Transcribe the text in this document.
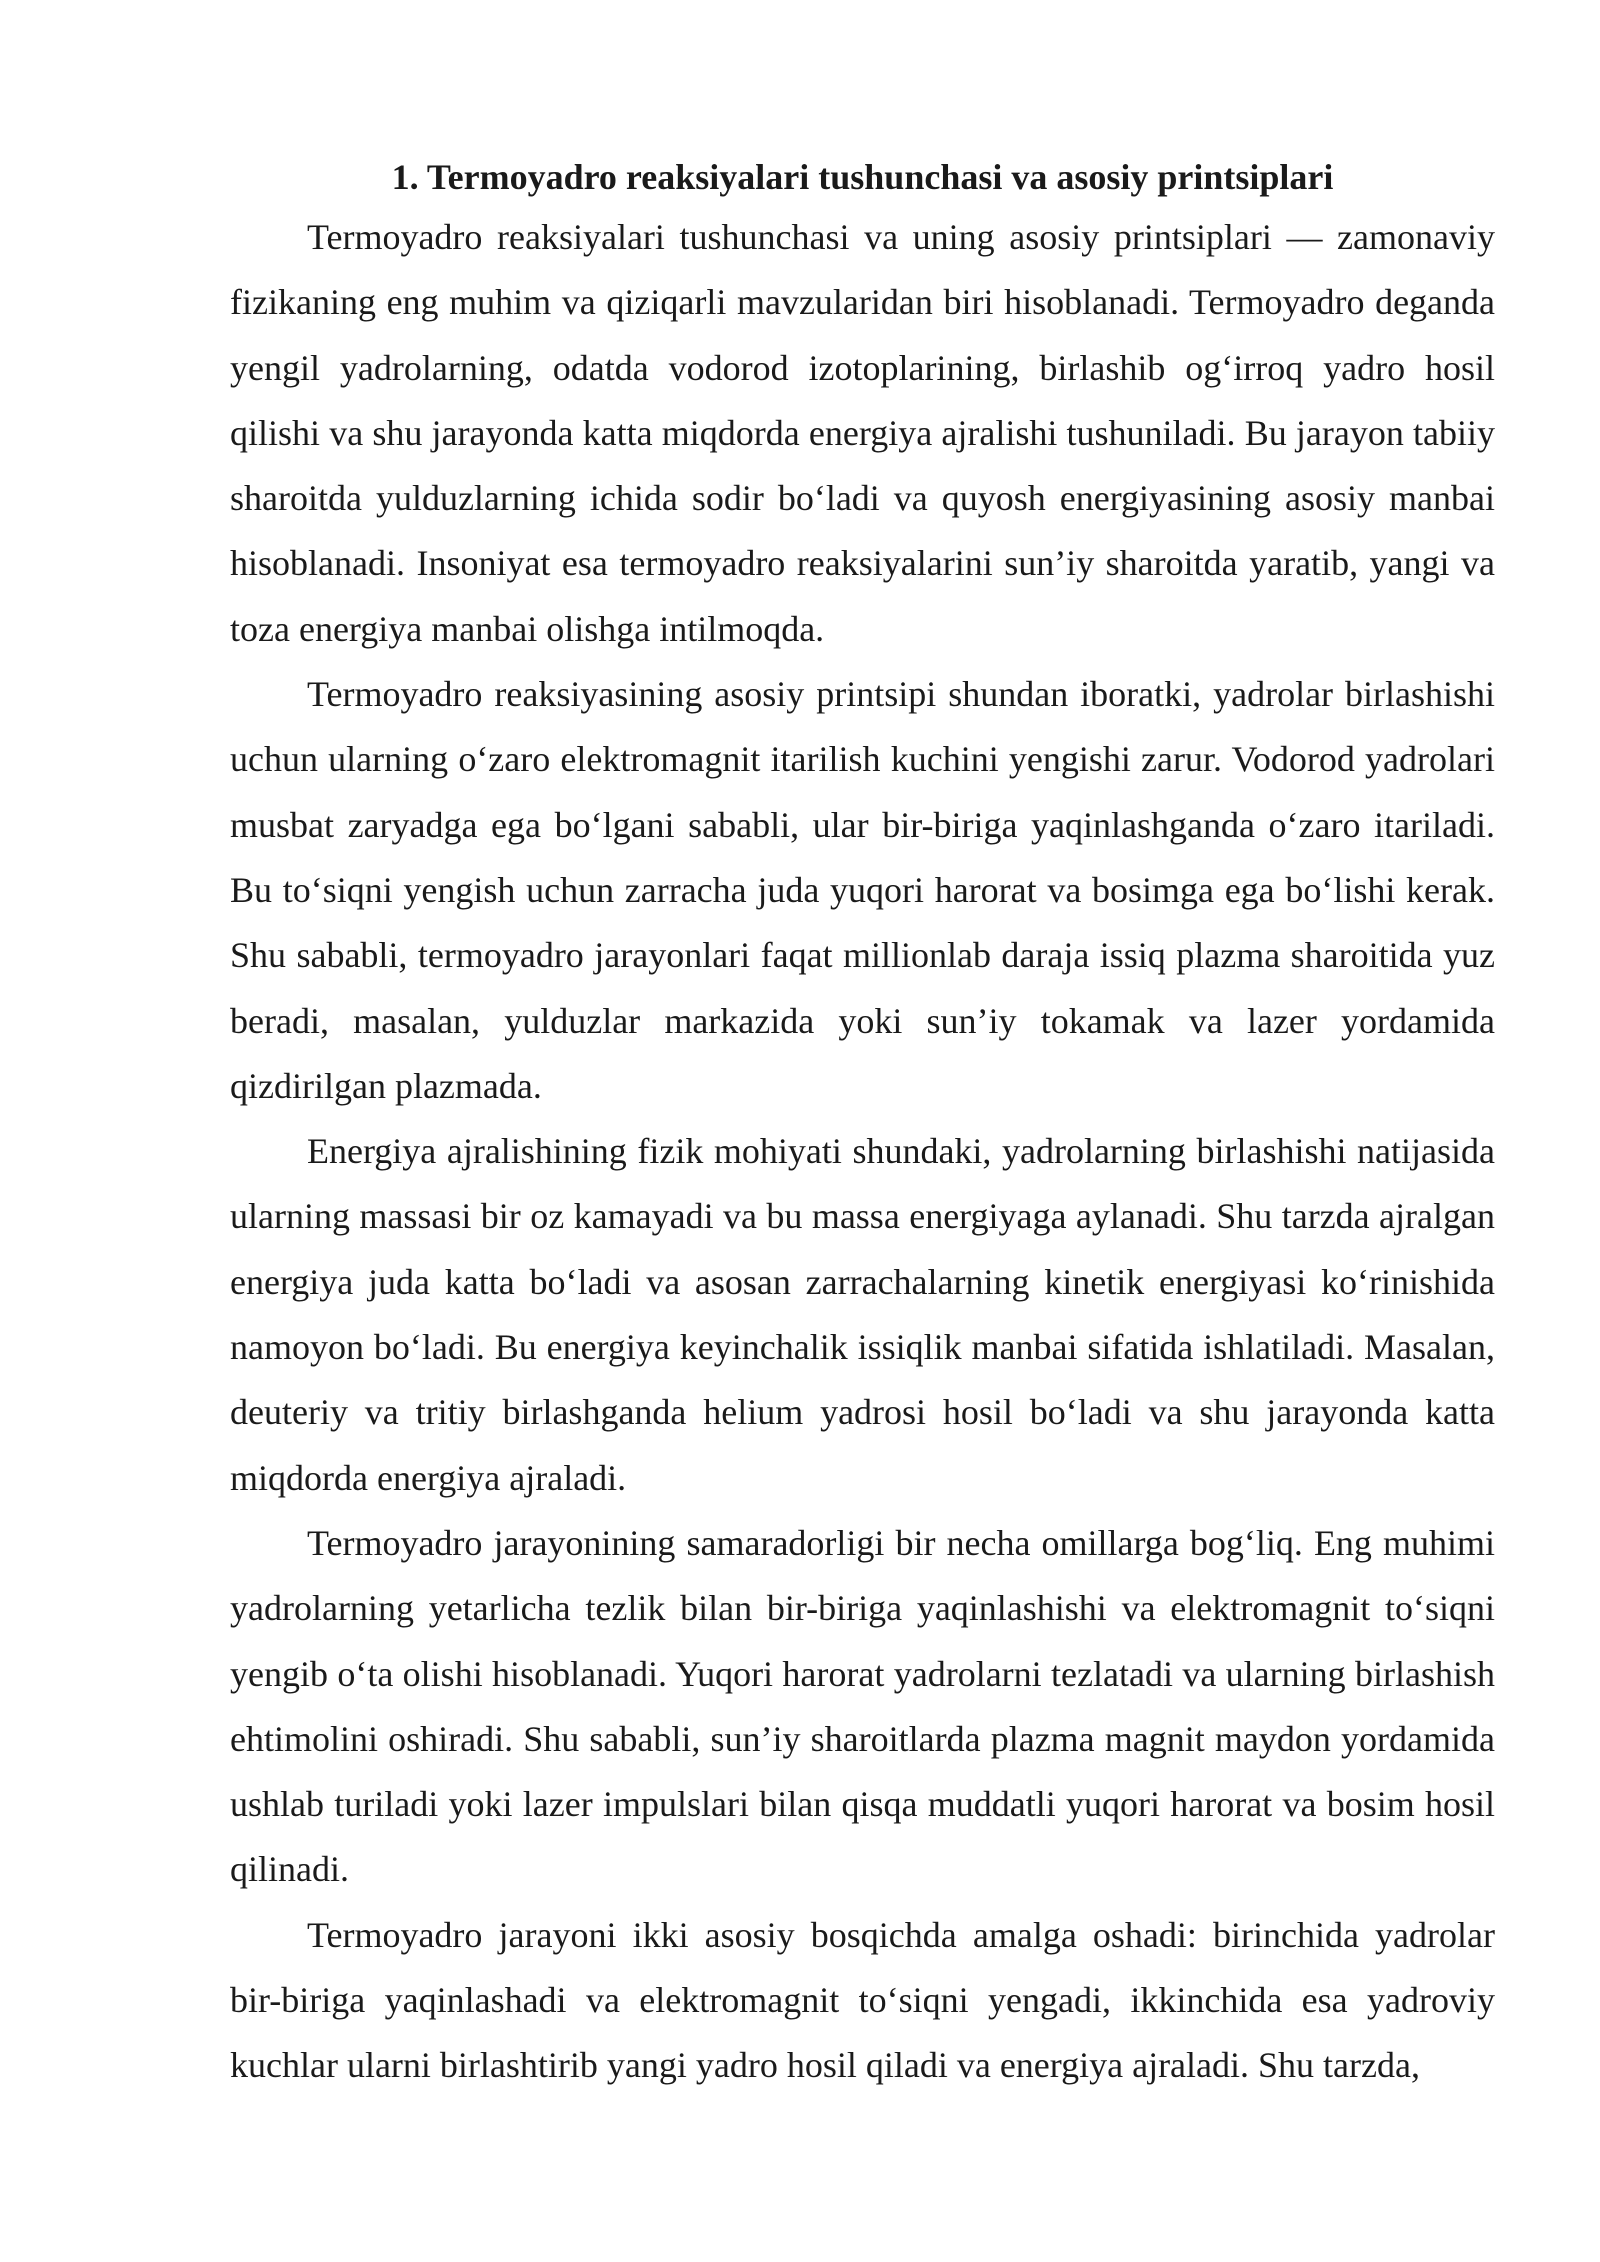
1. Termoyadro reaksiyalari tushunchasi va asosiy printsiplari

Termoyadro reaksiyalari tushunchasi va uning asosiy printsiplari — zamonaviy fizikaning eng muhim va qiziqarli mavzularidan biri hisoblanadi. Termoyadro deganda yengil yadrolarning, odatda vodorod izotoplarining, birlashib og‘irroq yadro hosil qilishi va shu jarayonda katta miqdorda energiya ajralishi tushuniladi. Bu jarayon tabiiy sharoitda yulduzlarning ichida sodir bo‘ladi va quyosh energiyasining asosiy manbai hisoblanadi. Insoniyat esa termoyadro reaksiyalarini sun’iy sharoitda yaratib, yangi va toza energiya manbai olishga intilmoqda.

Termoyadro reaksiyasining asosiy printsipi shundan iboratki, yadrolar birlashishi uchun ularning o‘zaro elektromagnit itarilish kuchini yengishi zarur. Vodorod yadrolari musbat zaryadga ega bo‘lgani sababli, ular bir-biriga yaqinlashganda o‘zaro itariladi. Bu to‘siqni yengish uchun zarracha juda yuqori harorat va bosimga ega bo‘lishi kerak. Shu sababli, termoyadro jarayonlari faqat millionlab daraja issiq plazma sharoitida yuz beradi, masalan, yulduzlar markazida yoki sun’iy tokamak va lazer yordamida qizdirilgan plazmada.

Energiya ajralishining fizik mohiyati shundaki, yadrolarning birlashishi natijasida ularning massasi bir oz kamayadi va bu massa energiyaga aylanadi. Shu tarzda ajralgan energiya juda katta bo‘ladi va asosan zarrachalarning kinetik energiyasi ko‘rinishida namoyon bo‘ladi. Bu energiya keyinchalik issiqlik manbai sifatida ishlatiladi. Masalan, deuteriy va tritiy birlashganda helium yadrosi hosil bo‘ladi va shu jarayonda katta miqdorda energiya ajraladi.

Termoyadro jarayonining samaradorligi bir necha omillarga bog‘liq. Eng muhimi yadrolarning yetarlicha tezlik bilan bir-biriga yaqinlashishi va elektromagnit to‘siqni yengib o‘ta olishi hisoblanadi. Yuqori harorat yadrolarni tezlatadi va ularning birlashish ehtimolini oshiradi. Shu sababli, sun’iy sharoitlarda plazma magnit maydon yordamida ushlab turiladi yoki lazer impulslari bilan qisqa muddatli yuqori harorat va bosim hosil qilinadi.

Termoyadro jarayoni ikki asosiy bosqichda amalga oshadi: birinchida yadrolar bir-biriga yaqinlashadi va elektromagnit to‘siqni yengadi, ikkinchida esa yadroviy kuchlar ularni birlashtirib yangi yadro hosil qiladi va energiya ajraladi. Shu tarzda,
